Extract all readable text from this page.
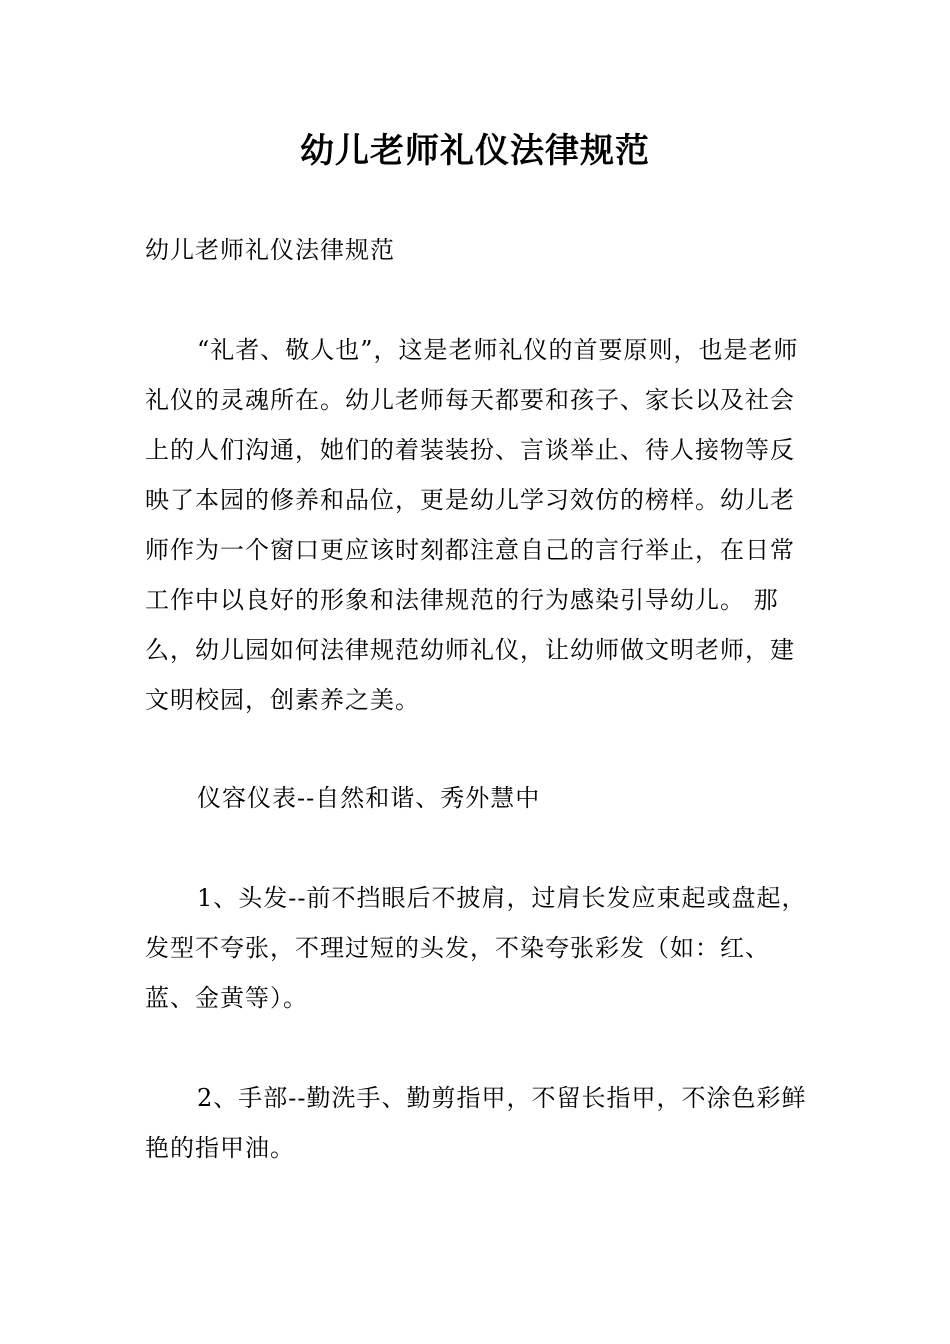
幼儿老师礼仪法律规范

幼儿老师礼仪法律规范

“礼者、敬人也”，这是老师礼仪的首要原则，也是老师礼仪的灵魂所在。幼儿老师每天都要和孩子、家长以及社会上的人们沟通，她们的着装装扮、言谈举止、待人接物等反映了本园的修养和品位，更是幼儿学习效仿的榜样。幼儿老师作为一个窗口更应该时刻都注意自己的言行举止，在日常工作中以良好的形象和法律规范的行为感染引导幼儿。 那么，幼儿园如何法律规范幼师礼仪，让幼师做文明老师，建文明校园，创素养之美。

仪容仪表--自然和谐、秀外慧中

1、头发--前不挡眼后不披肩，过肩长发应束起或盘起，发型不夸张，不理过短的头发，不染夸张彩发（如：红、蓝、金黄等）。

2、手部--勤洗手、勤剪指甲，不留长指甲，不涂色彩鲜艳的指甲油。
